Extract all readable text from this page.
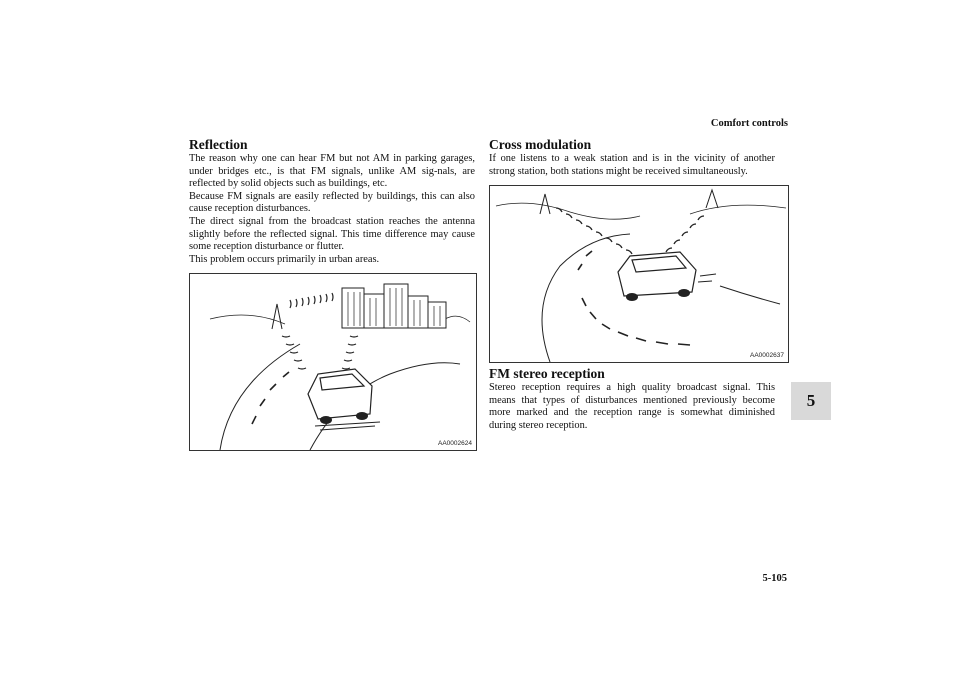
Comfort controls
Reflection

The reason why one can hear FM but not AM in parking garages, under bridges etc., is that FM signals, unlike AM sig-nals, are reflected by solid objects such as buildings, etc.

Because FM signals are easily reflected by buildings, this can also cause reception disturbances.

The direct signal from the broadcast station reaches the antenna slightly before the reflected signal. This time difference may cause some reception disturbance or flutter.

This problem occurs primarily in urban areas.

AA0002624
Cross modulation

If one listens to a weak station and is in the vicinity of another strong station, both stations might be received simultaneously.

AA0002637
FM stereo reception

Stereo reception requires a high quality broadcast signal. This means that types of disturbances mentioned previously become more marked and the reception range is somewhat diminished during stereo reception.

5
5-105
